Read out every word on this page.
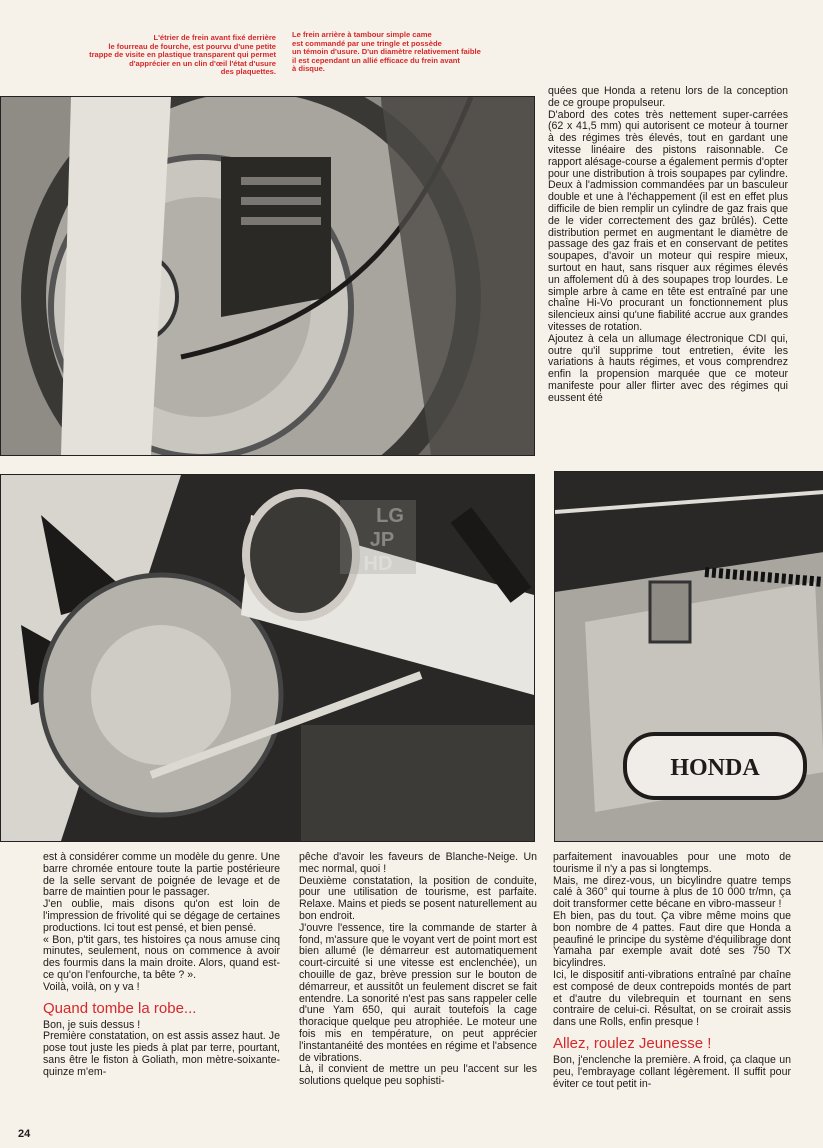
L'étrier de frein avant fixé derrière
le fourreau de fourche, est pourvu d'une petite
trappe de visite en plastique transparent qui permet
d'apprécier en un clin d'œil l'état d'usure
des plaquettes.

Le frein arrière à tambour simple came
est commandé par une tringle et possède
un témoin d'usure. D'un diamètre relativement faible
il est cependant un allié efficace du frein avant
à disque.

quées que Honda a retenu lors de la conception de ce groupe propulseur.

D'abord des cotes très nettement super-carrées (62 x 41,5 mm) qui autorisent ce moteur à tourner à des régimes très élevés, tout en gardant une vitesse linéaire des pistons raisonnable. Ce rapport alésage-course a également permis d'opter pour une distribution à trois soupapes par cylindre. Deux à l'admission commandées par un basculeur double et une à l'échappement (il est en effet plus difficile de bien remplir un cylindre de gaz frais que de le vider correctement des gaz brûlés). Cette distribution permet en augmentant le diamètre de passage des gaz frais et en conservant de petites soupapes, d'avoir un moteur qui respire mieux, surtout en haut, sans risquer aux régimes élevés un affolement dû à des soupapes trop lourdes. Le simple arbre à came en tête est entraîné par une chaîne Hi-Vo procurant un fonctionnement plus silencieux ainsi qu'une fiabilité accrue aux grandes vitesses de rotation.

Ajoutez à cela un allumage électronique CDI qui, outre qu'il supprime tout entretien, évite les variations à hauts régimes, et vous comprendrez enfin la propension marquée que ce moteur manifeste pour aller flirter avec des régimes qui eussent été

HONDA
LG
JP
HD

est à considérer comme un modèle du genre. Une barre chromée entoure toute la partie postérieure de la selle servant de poignée de levage et de barre de maintien pour le passager.

J'en oublie, mais disons qu'on est loin de l'impression de frivolité qui se dégage de certaines productions. Ici tout est pensé, et bien pensé.

« Bon, p'tit gars, tes histoires ça nous amuse cinq minutes, seulement, nous on commence à avoir des fourmis dans la main droite. Alors, quand est-ce qu'on l'enfourche, ta bête ? ».

Voilà, voilà, on y va !

Quand tombe la robe...

Bon, je suis dessus !

Première constatation, on est assis assez haut. Je pose tout juste les pieds à plat par terre, pourtant, sans être le fiston à Goliath, mon mètre-soixante-quinze m'em-

pêche d'avoir les faveurs de Blanche-Neige. Un mec normal, quoi !

Deuxième constatation, la position de conduite, pour une utilisation de tourisme, est parfaite. Relaxe. Mains et pieds se posent naturellement au bon endroit.

J'ouvre l'essence, tire la commande de starter à fond, m'assure que le voyant vert de point mort est bien allumé (le démarreur est automatiquement court-circuité si une vitesse est enclenchée), un chouille de gaz, brève pression sur le bouton de démarreur, et aussitôt un feulement discret se fait entendre. La sonorité n'est pas sans rappeler celle d'une Yam 650, qui aurait toutefois la cage thoracique quelque peu atrophiée. Le moteur une fois mis en température, on peut apprécier l'instantanéité des montées en régime et l'absence de vibrations.

Là, il convient de mettre un peu l'accent sur les solutions quelque peu sophisti-

parfaitement inavouables pour une moto de tourisme il n'y a pas si longtemps.

Mais, me direz-vous, un bicylindre quatre temps calé à 360° qui tourne à plus de 10 000 tr/mn, ça doit transformer cette bécane en vibro-masseur !

Eh bien, pas du tout. Ça vibre même moins que bon nombre de 4 pattes. Faut dire que Honda a peaufiné le principe du système d'équilibrage dont Yamaha par exemple avait doté ses 750 TX bicylindres.

Ici, le dispositif anti-vibrations entraîné par chaîne est composé de deux contrepoids montés de part et d'autre du vilebrequin et tournant en sens contraire de celui-ci. Résultat, on se croirait assis dans une Rolls, enfin presque !

Allez, roulez Jeunesse !

Bon, j'enclenche la première. A froid, ça claque un peu, l'embrayage collant légèrement. Il suffit pour éviter ce tout petit in-

24
